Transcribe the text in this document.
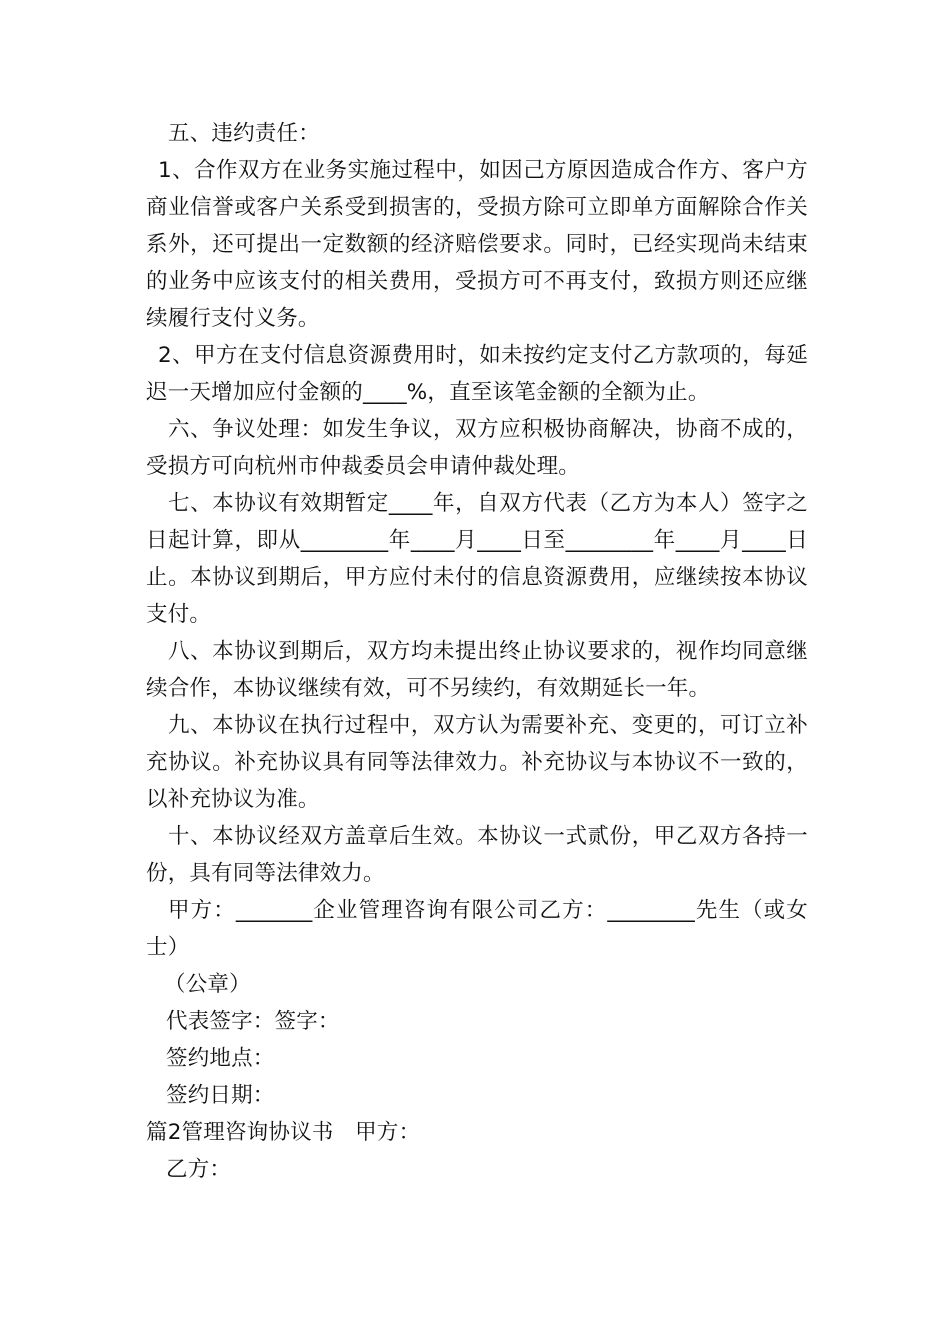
五、违约责任：

1、合作双方在业务实施过程中，如因己方原因造成合作方、客户方商业信誉或客户关系受到损害的，受损方除可立即单方面解除合作关系外，还可提出一定数额的经济赔偿要求。同时，已经实现尚未结束的业务中应该支付的相关费用，受损方可不再支付，致损方则还应继续履行支付义务。

2、甲方在支付信息资源费用时，如未按约定支付乙方款项的，每延迟一天增加应付金额的____%，直至该笔金额的全额为止。

六、争议处理：如发生争议，双方应积极协商解决，协商不成的，受损方可向杭州市仲裁委员会申请仲裁处理。

七、本协议有效期暂定____年，自双方代表（乙方为本人）签字之日起计算，即从________年____月____日至________年____月____日止。本协议到期后，甲方应付未付的信息资源费用，应继续按本协议支付。

八、本协议到期后，双方均未提出终止协议要求的，视作均同意继续合作，本协议继续有效，可不另续约，有效期延长一年。

九、本协议在执行过程中，双方认为需要补充、变更的，可订立补充协议。补充协议具有同等法律效力。补充协议与本协议不一致的，以补充协议为准。

十、本协议经双方盖章后生效。本协议一式贰份，甲乙双方各持一份，具有同等法律效力。

甲方：_______企业管理咨询有限公司乙方：________先生（或女士）

（公章）

代表签字：签字：

签约地点：

签约日期：

篇2管理咨询协议书　甲方：

乙方：
